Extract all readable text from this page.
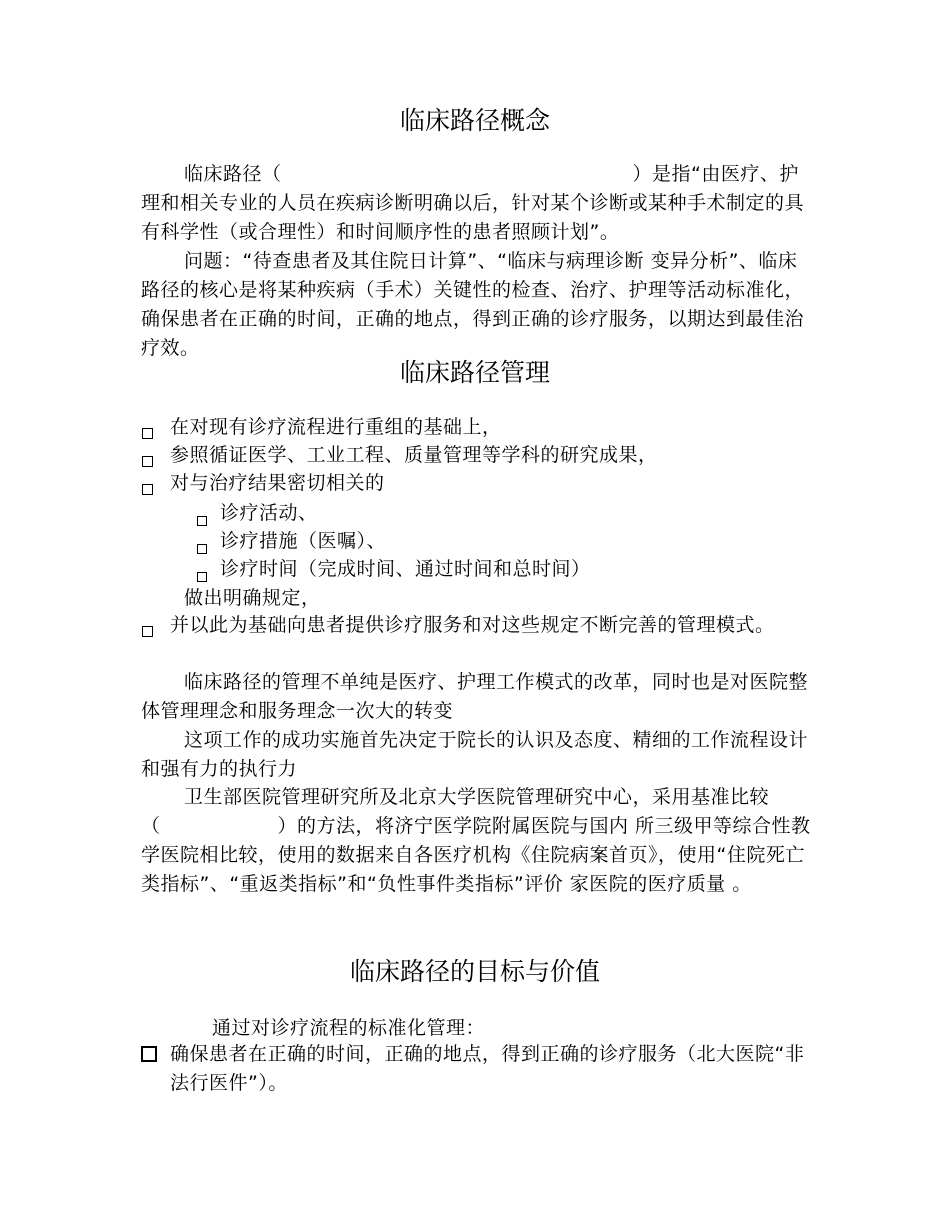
临床路径概念

临床路径（　　　　　　　　　　　　　　　　　　）是指“由医疗、护理和相关专业的人员在疾病诊断明确以后，针对某个诊断或某种手术制定的具有科学性（或合理性）和时间顺序性的患者照顾计划”。

问题：“待查患者及其住院日计算”、“临床与病理诊断 变异分析”、临床路径的核心是将某种疾病（手术）关键性的检查、治疗、护理等活动标准化，确保患者在正确的时间，正确的地点，得到正确的诊疗服务，以期达到最佳治疗效。

临床路径管理
在对现有诊疗流程进行重组的基础上，
参照循证医学、工业工程、质量管理等学科的研究成果，
对与治疗结果密切相关的
诊疗活动、
诊疗措施（医嘱）、
诊疗时间（完成时间、通过时间和总时间）
做出明确规定，
并以此为基础向患者提供诊疗服务和对这些规定不断完善的管理模式。

临床路径的管理不单纯是医疗、护理工作模式的改革，同时也是对医院整体管理理念和服务理念一次大的转变

这项工作的成功实施首先决定于院长的认识及态度、精细的工作流程设计和强有力的执行力

卫生部医院管理研究所及北京大学医院管理研究中心，采用基准比较（　　　　　　）的方法，将济宁医学院附属医院与国内 所三级甲等综合性教学医院相比较，使用的数据来自各医疗机构《住院病案首页》，使用“住院死亡类指标”、“重返类指标”和“负性事件类指标”评价 家医院的医疗质量 。

临床路径的目标与价值
通过对诊疗流程的标准化管理：
确保患者在正确的时间，正确的地点，得到正确的诊疗服务（北大医院“非法行医件”）。
